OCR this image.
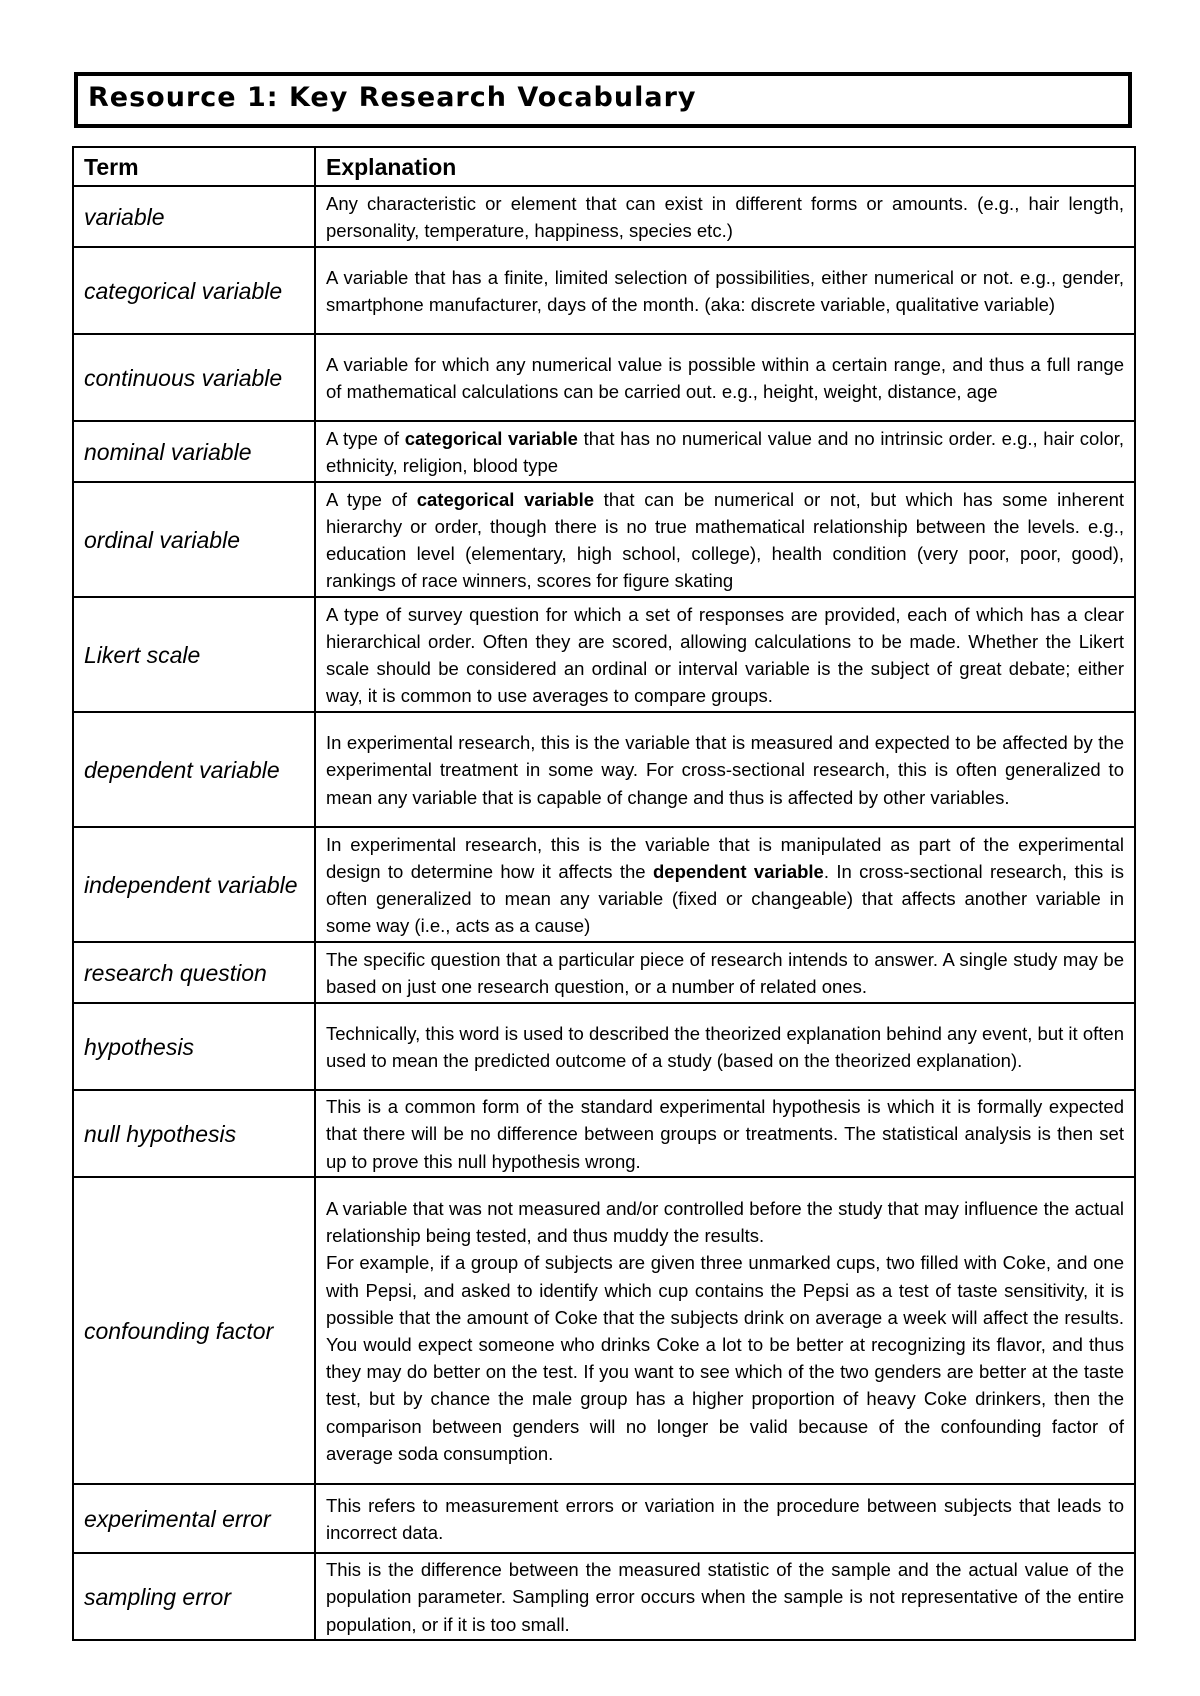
Resource 1: Key Research Vocabulary
Term	Explanation
variable	Any characteristic or element that can exist in different forms or amounts. (e.g., hair length, personality, temperature, happiness, species etc.)
categorical variable	A variable that has a finite, limited selection of possibilities, either numerical or not. e.g., gender, smartphone manufacturer, days of the month. (aka: discrete variable, qualitative variable)
continuous variable	A variable for which any numerical value is possible within a certain range, and thus a full range of mathematical calculations can be carried out. e.g., height, weight, distance, age
nominal variable	A type of categorical variable that has no numerical value and no intrinsic order. e.g., hair color, ethnicity, religion, blood type
ordinal variable	A type of categorical variable that can be numerical or not, but which has some inherent hierarchy or order, though there is no true mathematical relationship between the levels. e.g., education level (elementary, high school, college), health condition (very poor, poor, good), rankings of race winners, scores for figure skating
Likert scale	A type of survey question for which a set of responses are provided, each of which has a clear hierarchical order. Often they are scored, allowing calculations to be made. Whether the Likert scale should be considered an ordinal or interval variable is the subject of great debate; either way, it is common to use averages to compare groups.
dependent variable	In experimental research, this is the variable that is measured and expected to be affected by the experimental treatment in some way. For cross-sectional research, this is often generalized to mean any variable that is capable of change and thus is affected by other variables.
independent variable	In experimental research, this is the variable that is manipulated as part of the experimental design to determine how it affects the dependent variable. In cross-sectional research, this is often generalized to mean any variable (fixed or changeable) that affects another variable in some way (i.e., acts as a cause)
research question	The specific question that a particular piece of research intends to answer. A single study may be based on just one research question, or a number of related ones.
hypothesis	Technically, this word is used to described the theorized explanation behind any event, but it often used to mean the predicted outcome of a study (based on the theorized explanation).
null hypothesis	This is a common form of the standard experimental hypothesis is which it is formally expected that there will be no difference between groups or treatments. The statistical analysis is then set up to prove this null hypothesis wrong.
confounding factor	A variable that was not measured and/or controlled before the study that may influence the actual relationship being tested, and thus muddy the results.
For example, if a group of subjects are given three unmarked cups, two filled with Coke, and one with Pepsi, and asked to identify which cup contains the Pepsi as a test of taste sensitivity, it is possible that the amount of Coke that the subjects drink on average a week will affect the results. You would expect someone who drinks Coke a lot to be better at recognizing its flavor, and thus they may do better on the test. If you want to see which of the two genders are better at the taste test, but by chance the male group has a higher proportion of heavy Coke drinkers, then the comparison between genders will no longer be valid because of the confounding factor of average soda consumption.

experimental error	This refers to measurement errors or variation in the procedure between subjects that leads to incorrect data.
sampling error	This is the difference between the measured statistic of the sample and the actual value of the population parameter. Sampling error occurs when the sample is not representative of the entire population, or if it is too small.
